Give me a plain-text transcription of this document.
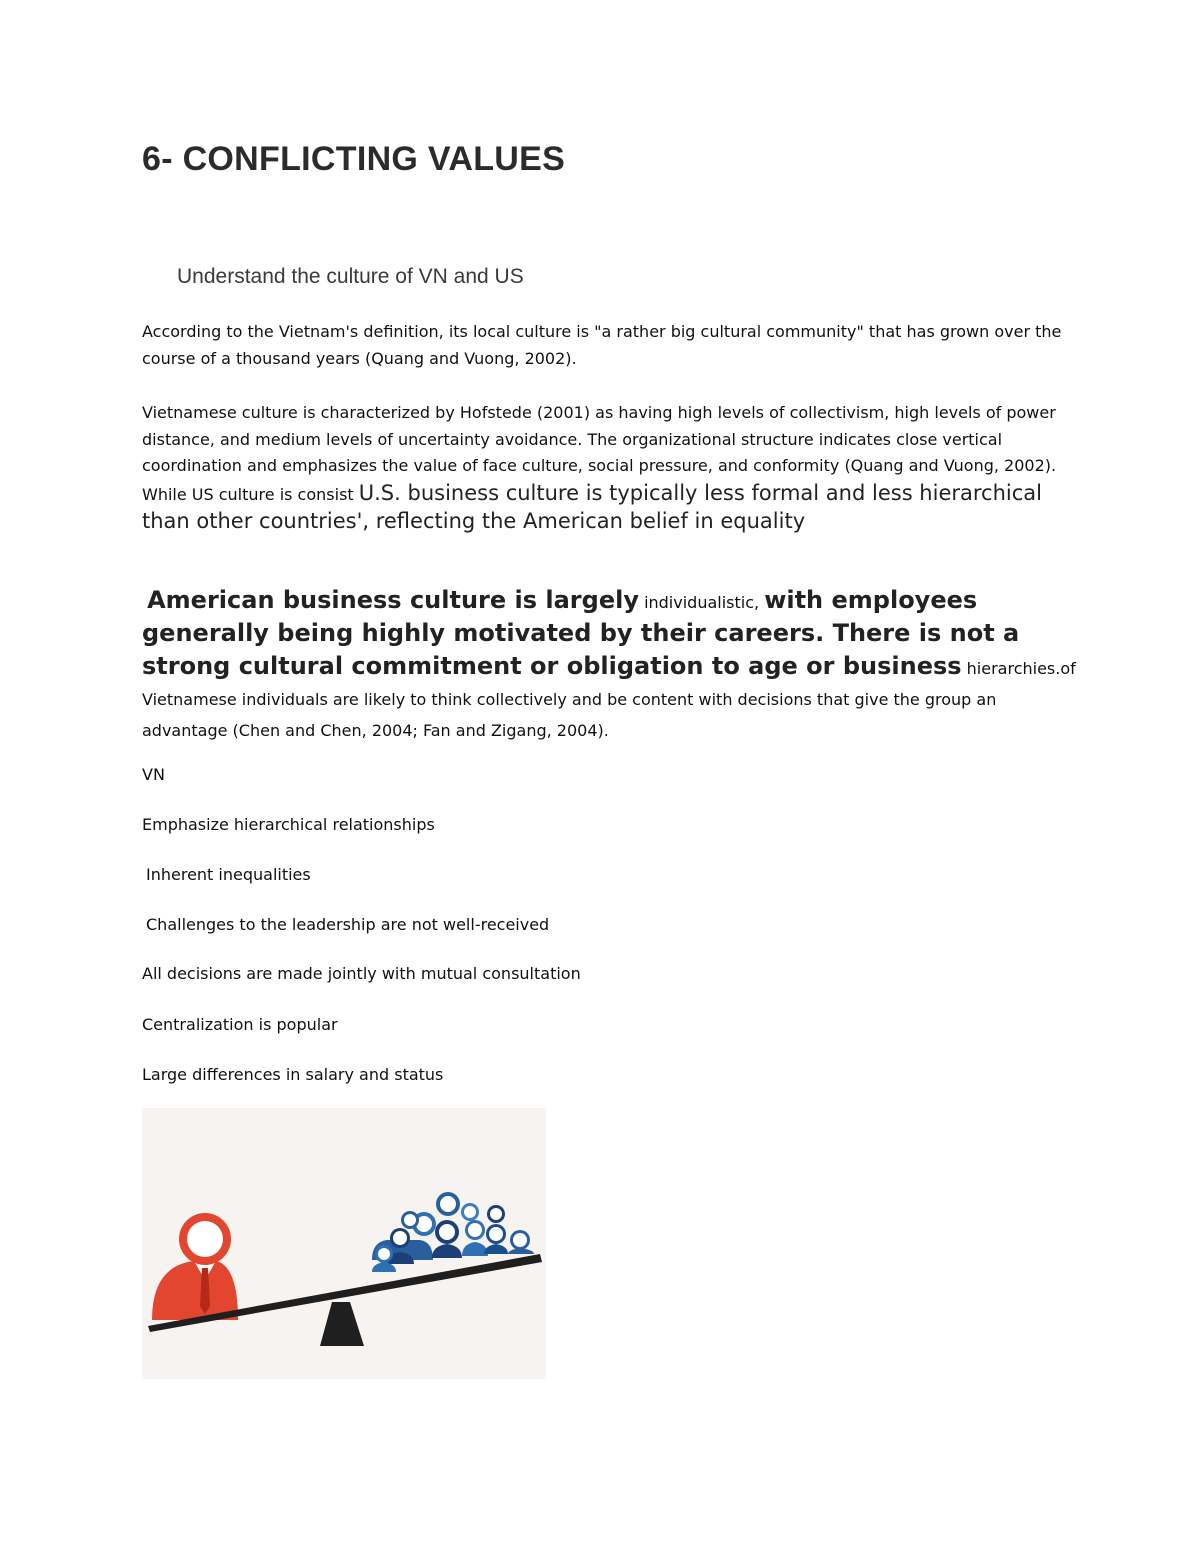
6- CONFLICTING VALUES

Understand the culture of VN and US

According to the Vietnam's definition, its local culture is "a rather big cultural community" that has grown over the course of a thousand years (Quang and Vuong, 2002).

Vietnamese culture is characterized by Hofstede (2001) as having high levels of collectivism, high levels of power distance, and medium levels of uncertainty avoidance. The organizational structure indicates close vertical coordination and emphasizes the value of face culture, social pressure, and conformity (Quang and Vuong, 2002). While US culture is consist U.S. business culture is typically less formal and less hierarchical than other countries', reflecting the American belief in equality

American business culture is largely individualistic, with employees generally being highly motivated by their careers. There is not a strong cultural commitment or obligation to age or business hierarchies.of Vietnamese individuals are likely to think collectively and be content with decisions that give the group an advantage (Chen and Chen, 2004; Fan and Zigang, 2004).

VN

Emphasize hierarchical relationships

Inherent inequalities

Challenges to the leadership are not well-received

All decisions are made jointly with mutual consultation

Centralization is popular

Large differences in salary and status
